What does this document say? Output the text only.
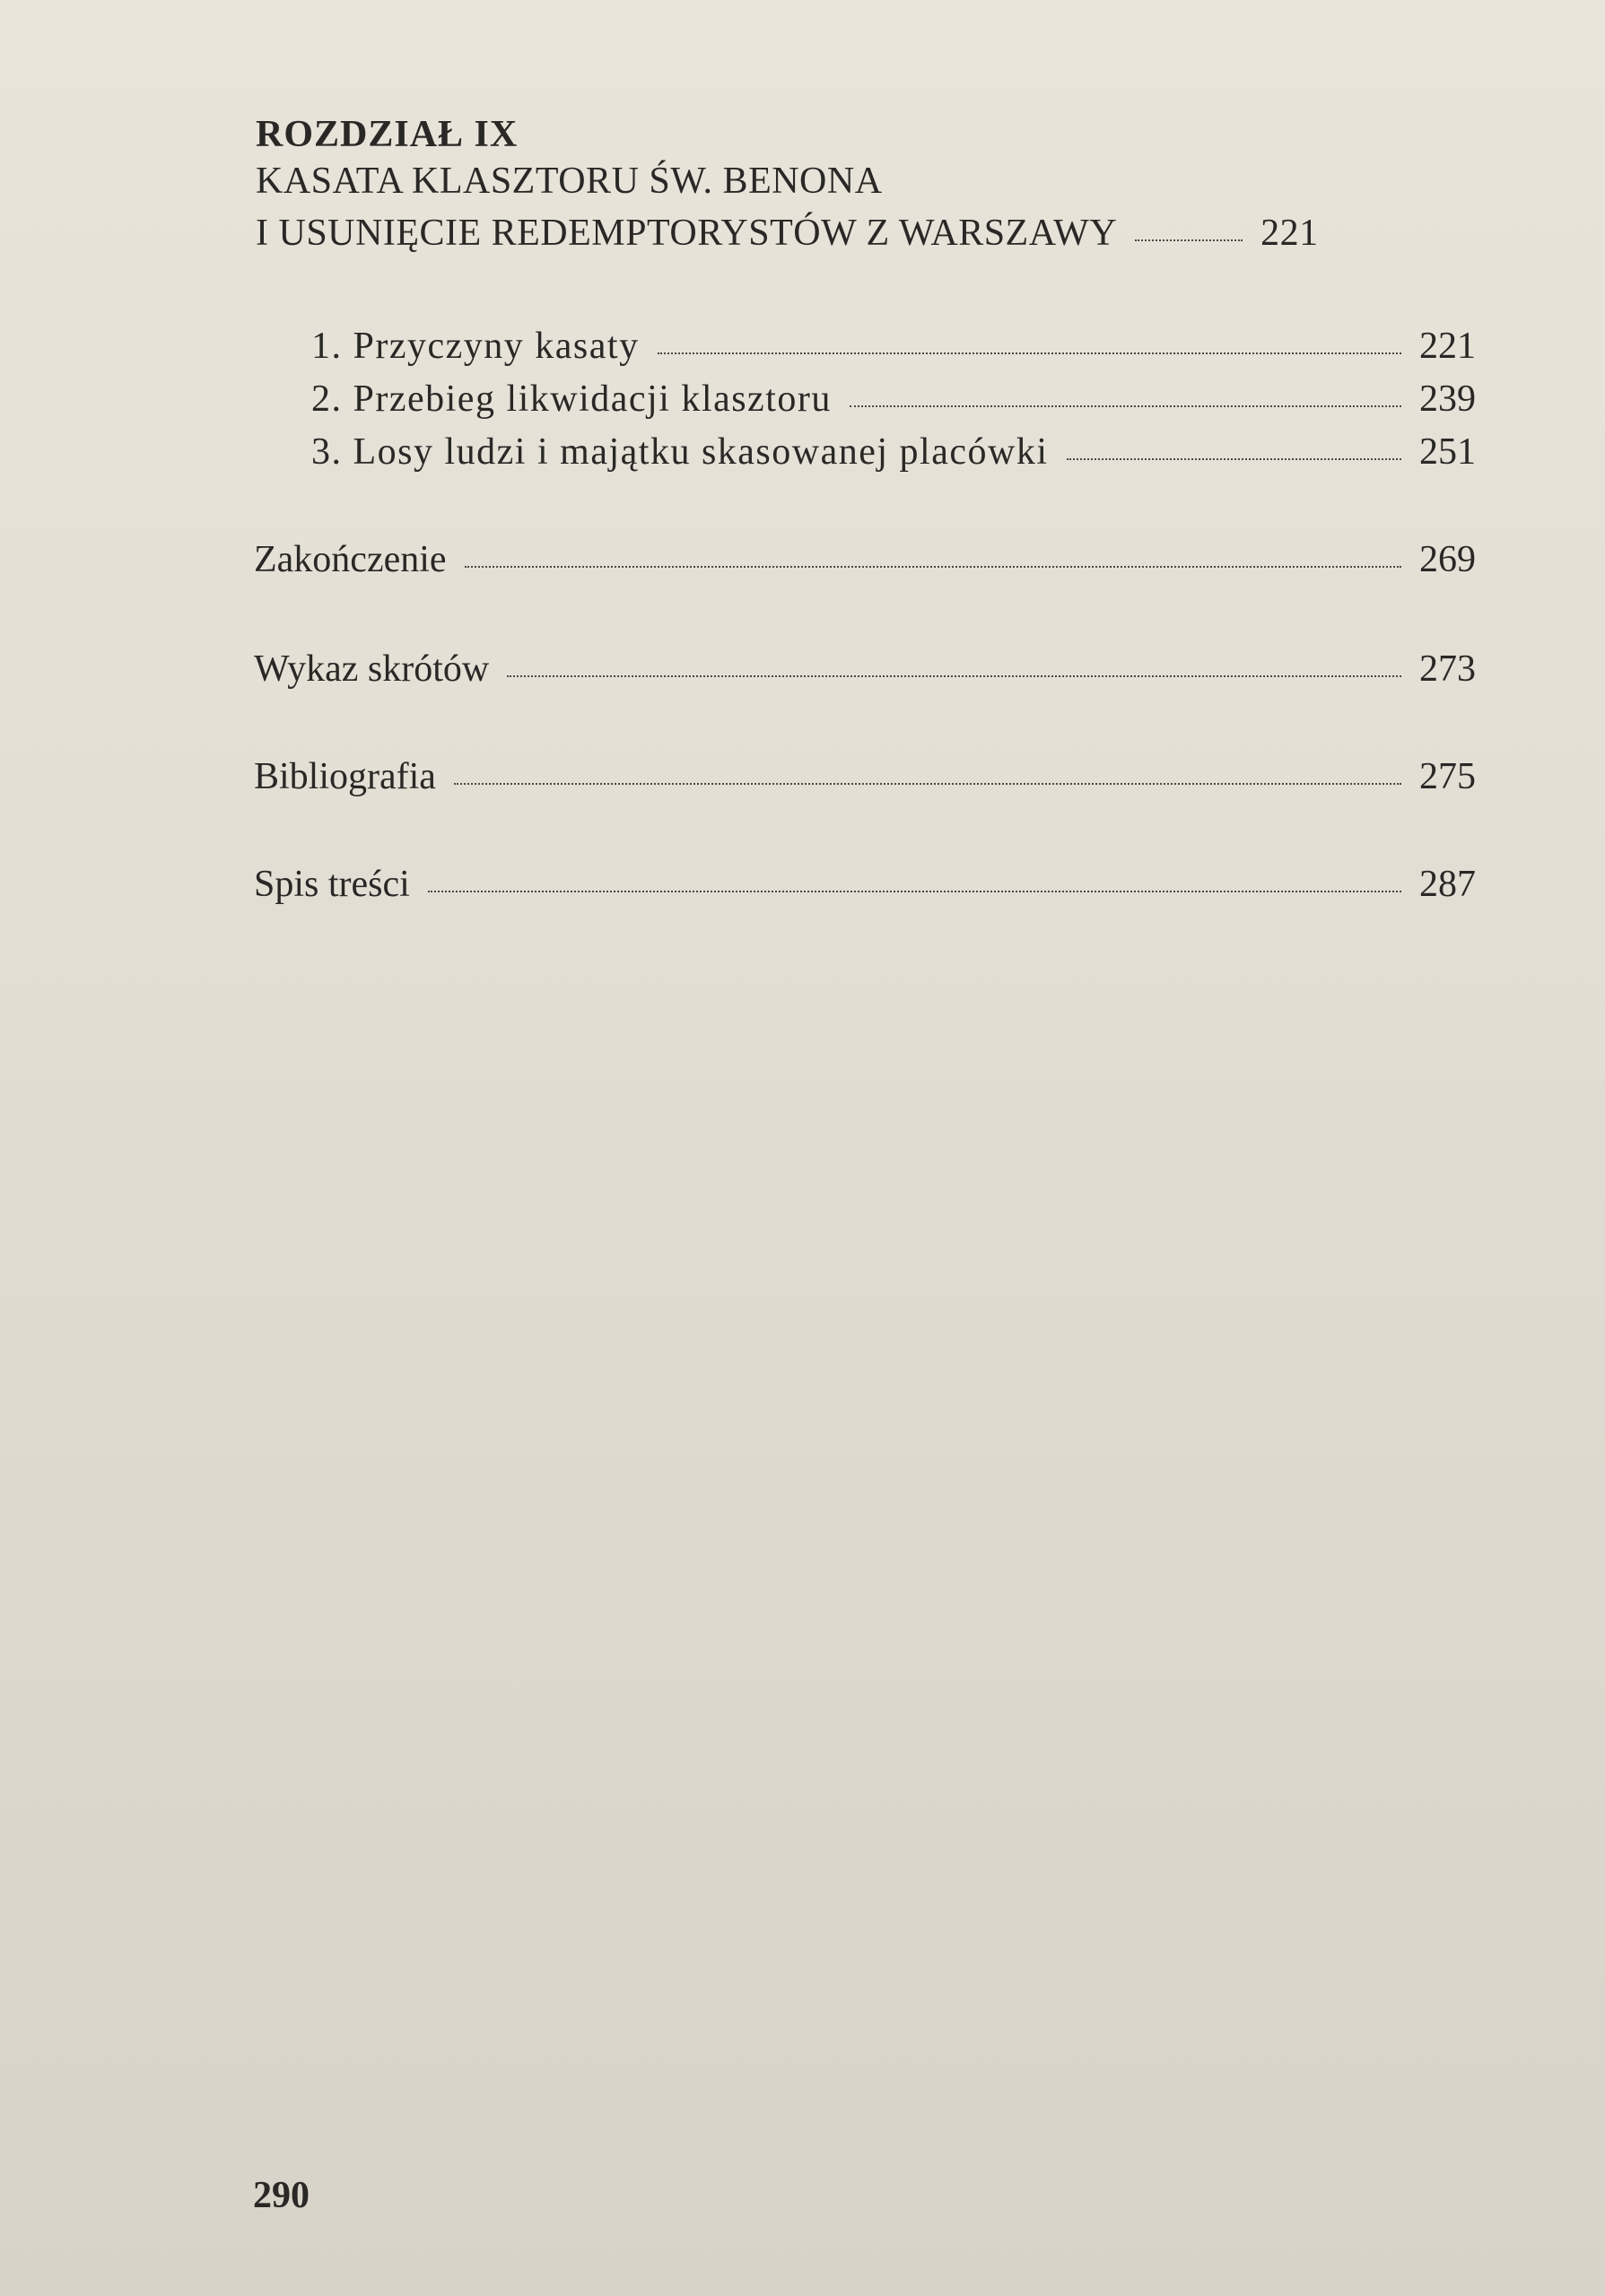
ROZDZIAŁ IX
KASATA KLASZTORU ŚW. BENONA
I USUNIĘCIE REDEMPTORYSTÓW Z WARSZAWY	221
1. Przyczyny kasaty	221
2. Przebieg likwidacji klasztoru	239
3. Losy ludzi i majątku skasowanej placówki	251
Zakończenie	269
Wykaz skrótów	273
Bibliografia	275
Spis treści	287
290
